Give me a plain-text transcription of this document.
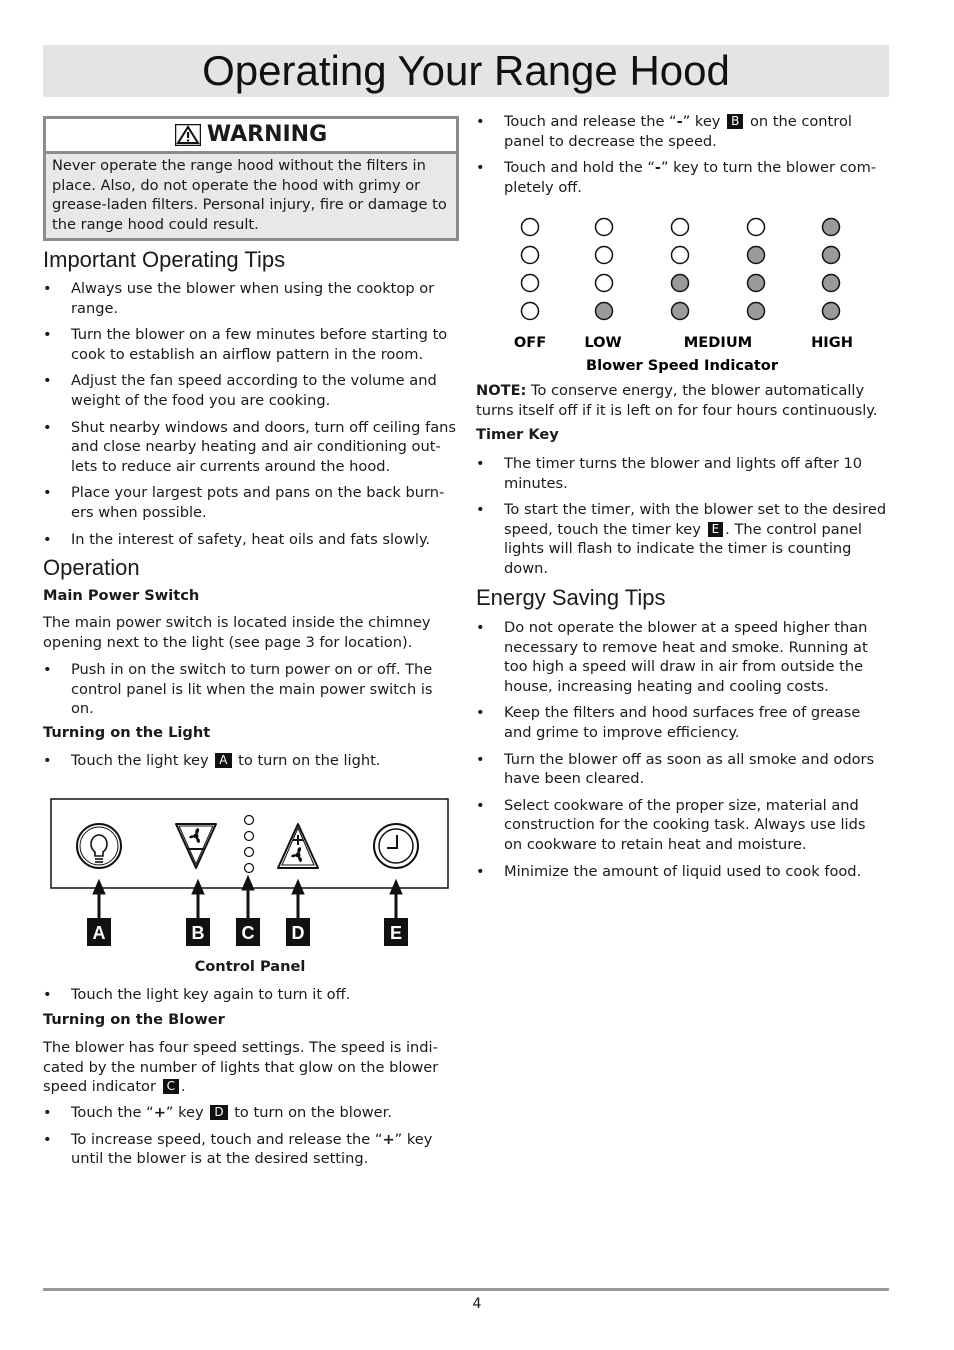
Operating Your Range Hood
WARNING
Never operate the range hood without the filters in place. Also, do not operate the hood with grimy or grease-laden filters. Personal injury, fire or damage to the range hood could result.
Important Operating Tips
• Always use the blower when using the cooktop or range.
• Turn the blower on a few minutes before starting to cook to establish an airflow pattern in the room.
• Adjust the fan speed according to the volume and weight of the food you are cooking.
• Shut nearby windows and doors, turn off ceiling fans and close nearby heating and air conditioning out-lets to reduce air currents around the hood.
• Place your largest pots and pans on the back burn-ers when possible.
• In the interest of safety, heat oils and fats slowly.
Operation
Main Power Switch

The main power switch is located inside the chimney opening next to the light (see page 3 for location).

• Push in on the switch to turn power on or off. The control panel is lit when the main power switch is on.
Turning on the Light
• Touch the light key A to turn on the light.
A	B C D	E
Control Panel
• Touch the light key again to turn it off.
Turning on the Blower

The blower has four speed settings. The speed is indi-cated by the number of lights that glow on the blower speed indicator C .

• Touch the “+” key D to turn on the blower.
• To increase speed, touch and release the “+” key until the blower is at the desired setting.
• Touch and release the “-” key B on the control panel to decrease the speed.
• Touch and hold the “-” key to turn the blower com-pletely off.
OFF	LOW	MEDIUM	HIGH
Blower Speed Indicator

NOTE: To conserve energy, the blower automatically turns itself off if it is left on for four hours continuously.

Timer Key
• The timer turns the blower and lights off after 10 minutes.
• To start the timer, with the blower set to the desired speed, touch the timer key E . The control panel lights will flash to indicate the timer is counting down.
Energy Saving Tips
• Do not operate the blower at a speed higher than necessary to remove heat and smoke. Running at too high a speed will draw in air from outside the house, increasing heating and cooling costs.
• Keep the filters and hood surfaces free of grease and grime to improve efficiency.
• Turn the blower off as soon as all smoke and odors have been cleared.
• Select cookware of the proper size, material and construction for the cooking task. Always use lids on cookware to retain heat and moisture.
• Minimize the amount of liquid used to cook food.
4
